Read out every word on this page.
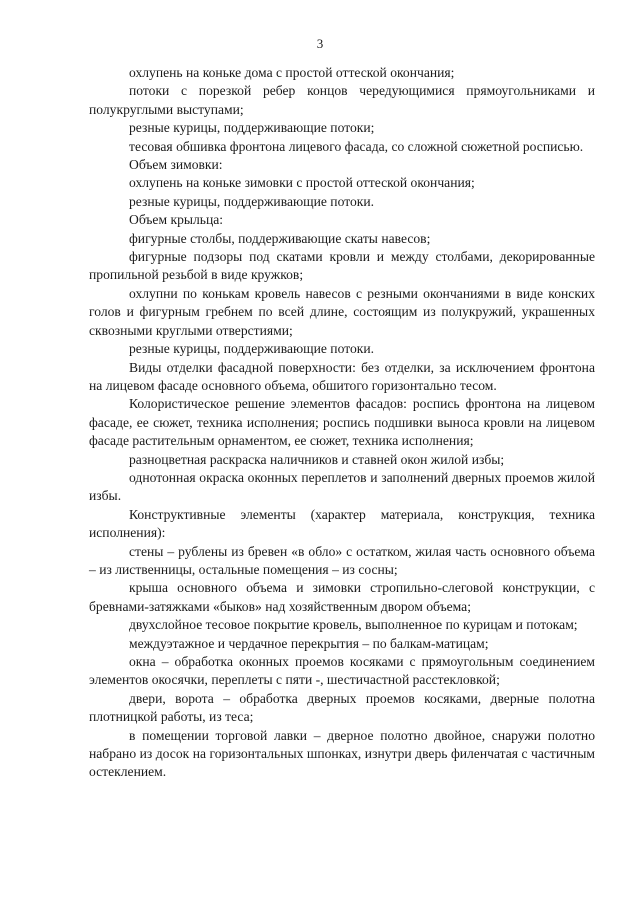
3

охлупень на коньке дома с простой оттеской окончания;

потоки с порезкой ребер концов чередующимися прямоугольниками и полукруглыми выступами;

резные курицы, поддерживающие потоки;

тесовая обшивка фронтона лицевого фасада, со сложной сюжетной росписью.

Объем зимовки:

охлупень на коньке зимовки с простой оттеской окончания;

резные курицы, поддерживающие потоки.

Объем крыльца:

фигурные столбы, поддерживающие скаты навесов;

фигурные подзоры под скатами кровли и между столбами, декорированные пропильной резьбой в виде кружков;

охлупни по конькам кровель навесов с резными окончаниями в виде конских голов и фигурным гребнем по всей длине, состоящим из полукружий, украшенных сквозными круглыми отверстиями;

резные курицы, поддерживающие потоки.

Виды отделки фасадной поверхности: без отделки, за исключением фронтона на лицевом фасаде основного объема, обшитого горизонтально тесом.

Колористическое решение элементов фасадов: роспись фронтона на лицевом фасаде, ее сюжет, техника исполнения; роспись подшивки выноса кровли на лицевом фасаде растительным орнаментом, ее сюжет, техника исполнения;

разноцветная раскраска наличников и ставней окон жилой избы;

однотонная окраска оконных переплетов и заполнений дверных проемов жилой избы.

Конструктивные элементы (характер материала, конструкция, техника исполнения):

стены – рублены из бревен «в обло» с остатком, жилая часть основного объема – из лиственницы, остальные помещения – из сосны;

крыша основного объема и зимовки стропильно-слеговой конструкции, с бревнами-затяжками «быков» над хозяйственным двором объема;

двухслойное тесовое покрытие кровель, выполненное по курицам и потокам;

междуэтажное и чердачное перекрытия – по балкам-матицам;

окна – обработка оконных проемов косяками с прямоугольным соединением элементов окосячки, переплеты с пяти -, шестичастной расстекловкой;

двери, ворота – обработка дверных проемов косяками, дверные полотна плотницкой работы, из теса;

в помещении торговой лавки – дверное полотно двойное, снаружи полотно набрано из досок на горизонтальных шпонках, изнутри дверь филенчатая с частичным остеклением.
